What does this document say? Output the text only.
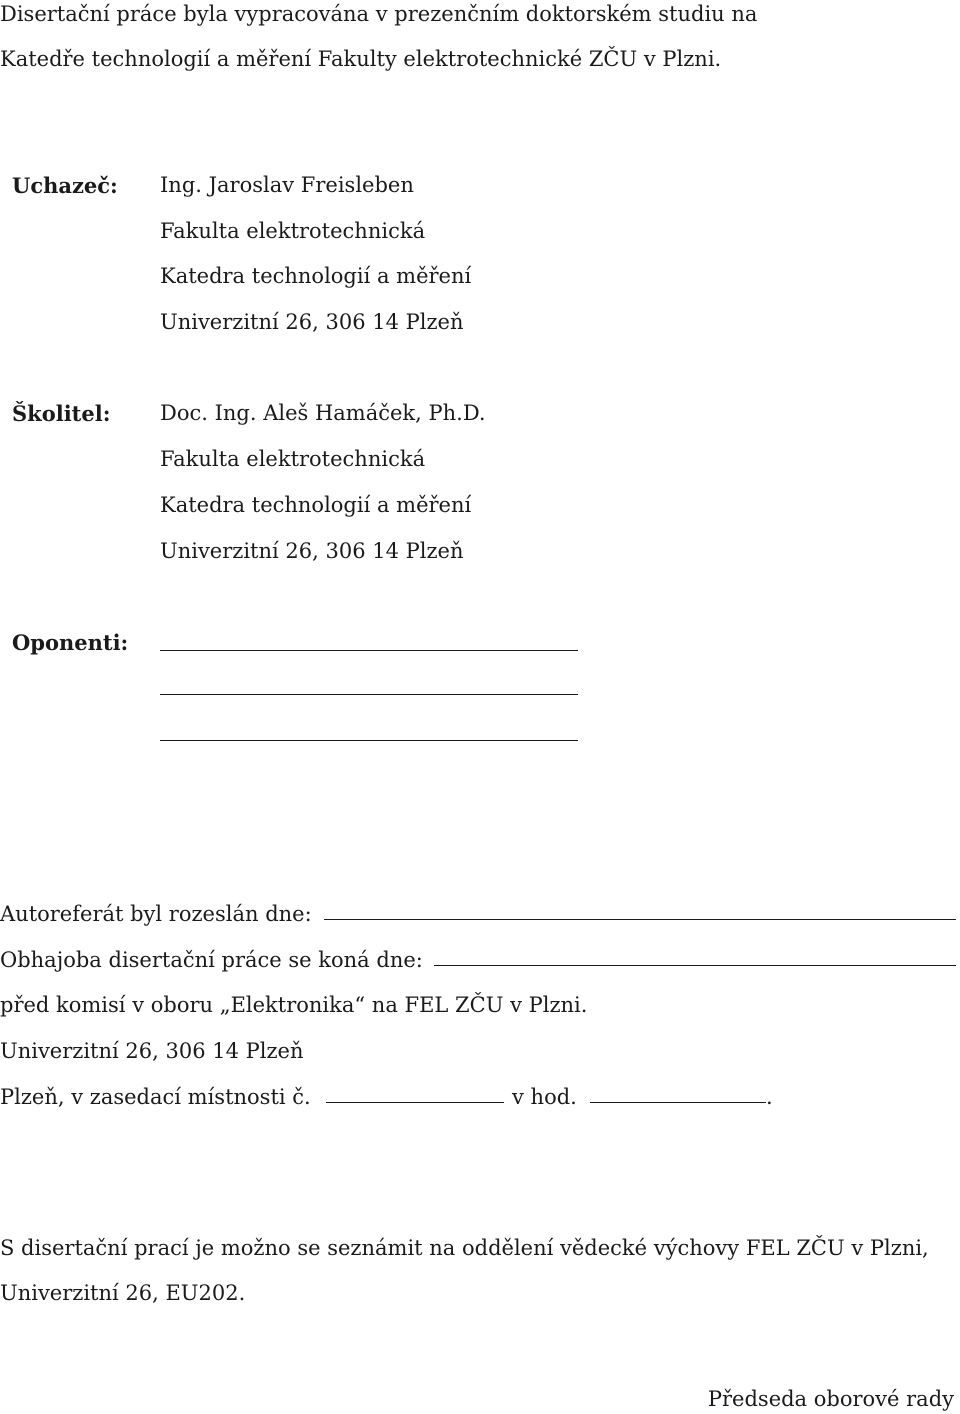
Disertační práce byla vypracována v prezenčním doktorském studiu na
Katedře technologií a měření Fakulty elektrotechnické ZČU v Plzni.
Uchazeč: Ing. Jaroslav Freisleben
Fakulta elektrotechnická
Katedra technologií a měření
Univerzitní 26, 306 14 Plzeň
Školitel: Doc. Ing. Aleš Hamáček, Ph.D.
Fakulta elektrotechnická
Katedra technologií a měření
Univerzitní 26, 306 14 Plzeň
Oponenti:
Autoreferát byl rozeslán dne:
Obhajoba disertační práce se koná dne:
před komisí v oboru „Elektronika“ na FEL ZČU v Plzni.
Univerzitní 26, 306 14 Plzeň
Plzeň, v zasedací místnosti č.	v hod.	.
S disertační prací je možno se seznámit na oddělení vědecké výchovy FEL ZČU v Plzni,
Univerzitní 26, EU202.
Předseda oborové rady
